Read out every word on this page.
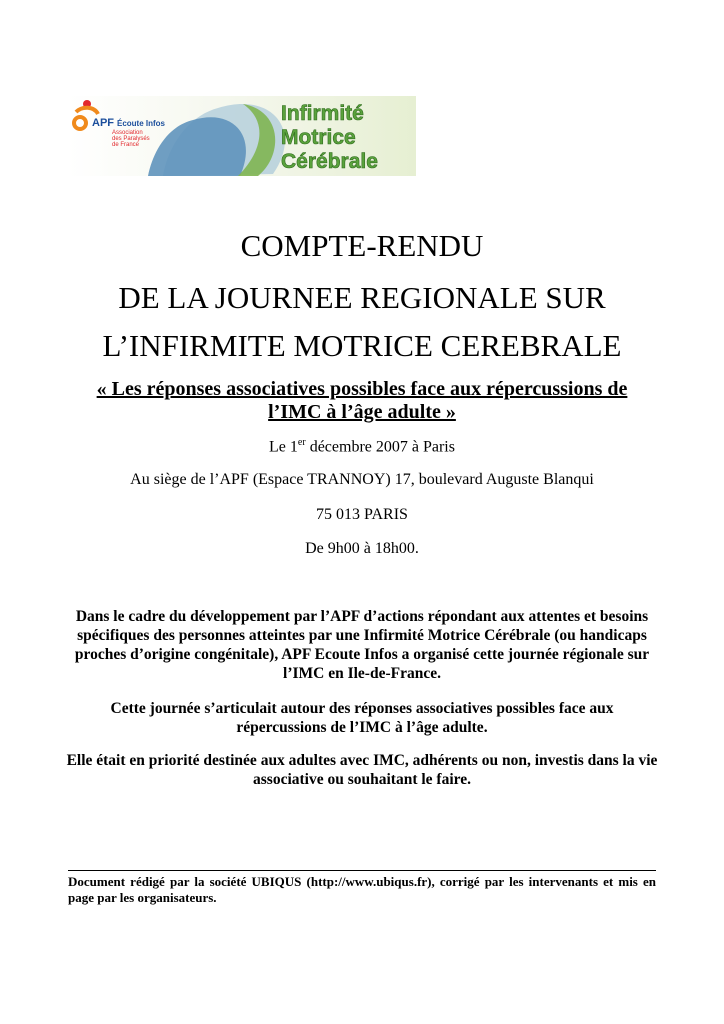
APF Écoute Infos
Association
des Paralysés
de France
Infirmité
Motrice
Cérébrale
COMPTE-RENDU
DE LA JOURNEE REGIONALE SUR
L’INFIRMITE MOTRICE CEREBRALE
« Les réponses associatives possibles face aux répercussions de
l’IMC à l’âge adulte »
Le 1er décembre 2007 à Paris
Au siège de l’APF (Espace TRANNOY) 17, boulevard Auguste Blanqui
75 013 PARIS
De 9h00 à 18h00.

Dans le cadre du développement par l’APF d’actions répondant aux attentes et besoins spécifiques des personnes atteintes par une Infirmité Motrice Cérébrale (ou handicaps proches d’origine congénitale), APF Ecoute Infos a organisé cette journée régionale sur l’IMC en Ile-de-France.

Cette journée s’articulait autour des réponses associatives possibles face aux répercussions de l’IMC à l’âge adulte.

Elle était en priorité destinée aux adultes avec IMC, adhérents ou non, investis dans la vie associative ou souhaitant le faire.

Document rédigé par la société UBIQUS (http://www.ubiqus.fr), corrigé par les intervenants et mis en page par les organisateurs.
